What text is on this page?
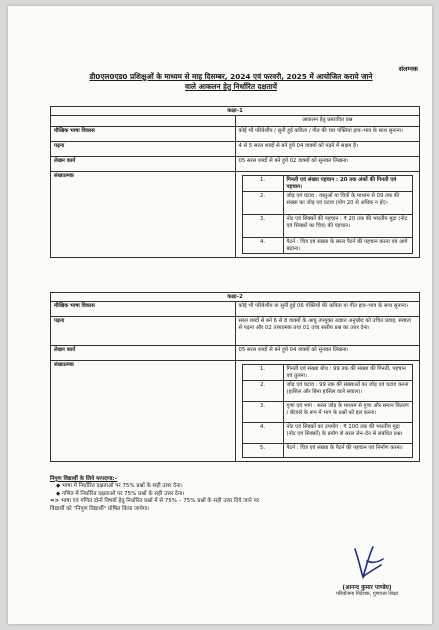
संलग्नक
डी0एल0एड0 प्रशिक्षुओं के माध्यम से माह दिसम्बर, 2024 एवं फरवरी, 2025 में आयोजित कराये जाने
वाले आकलन हेतु निर्धारित दक्षतायें
कक्षा–1
	आकलन हेतु प्रस्तावित प्रश्न
मौखिक भाषा विकास	कोई भी परिवेशीय / सुनी हुई कविता / गीत की चार पंक्तियां हाव–भाव के साथ सुनाना।
पढ़ना	4 से 5 सरल शब्दों से बने हुये 04 वाक्यों को पढ़ने में सक्षम है।
लेखन कार्य	05 सरल शब्दों से बने हुये 02 वाक्यों को सुनकर लिखना।
संख्यात्मक	
1.	गिनती एवं संख्या पहचान : 20 तक अंकों की गिनती एवं पहचान।
2.	जोड़ एवं घटाव : वस्तुओं या चित्रों के माध्यम से 09 तक की संख्या का जोड़ एवं घटाव (योग 20 से अधिक न हो)।
3.	नोट एवं सिक्कों की पहचान : ₹ 20 तक की भारतीय मुद्रा (नोट एवं सिक्कों का चित्र) की पहचान।
4.	पैटर्न : चित्र एवं संख्या के सरल पैटर्न की पहचान करना एवं आगे बढ़ाना।
कक्षा–2
मौखिक भाषा विकास	कोई भी परिवेशीय या सुनी हुई 06 पंक्तियों की कविता या गीत हाव–भाव के साथ सुनाना।
पढ़ना	सरल शब्दों से बने 6 से 8 वाक्यों के आयु उपयुक्त अज्ञात अनुच्छेद को उचित प्रवाह, स्पष्टता से पढ़ना और 02 तथ्यात्मक तथा 01 उच्च स्तरीय प्रश्न का उत्तर देना।
लेखन कार्य	05 सरल शब्दों से बने हुये 04 वाक्यों को सुनकर लिखना।
संख्यात्मक	
1.	गिनती एवं संख्या बोध : 99 तक की संख्या की गिनती, पहचान एवं तुलना।
2.	जोड़ एवं घटाव : 99 तक की संख्याओं का जोड़ एवं घटाव करना (हासिल और बिना हासिल वाले सवाल)।
3.	गुणा एवं भाग : सरल जोड़ के माध्यम से गुणा और समान वितरण / बँटवारे के रूप में भाग के प्रश्नों को हल करना।
4.	नोट एवं सिक्कों का उपयोग : ₹ 100 तक की भारतीय मुद्रा (नोट एवं सिक्कों) के प्रयोग से सरल लेन–देन से संबंधित प्रश्न।
5.	पैटर्न : चित्र एवं संख्या के पैटर्न की पहचान एवं निर्माण करना।
निपुण विद्यार्थी के लिये मापदण्ड:–
◆ भाषा में निर्धारित दक्षताओं पर 75% प्रश्नों के सही उत्तर देना।
◆ गणित में निर्धारित दक्षताओं पर 75% प्रश्नों के सही उत्तर देना।
=> भाषा एवं गणित दोनों विषयों हेतु निर्धारित प्रश्नों में से 75% – 75% प्रश्नों के सही उत्तर दिये जाने पर
विद्यार्थी को "निपुण विद्यार्थी" घोषित किया जायेगा।
(आनन्द कुमार पाण्डेय)
परियोजना निदेशक, गुणवत्ता शिक्षा
